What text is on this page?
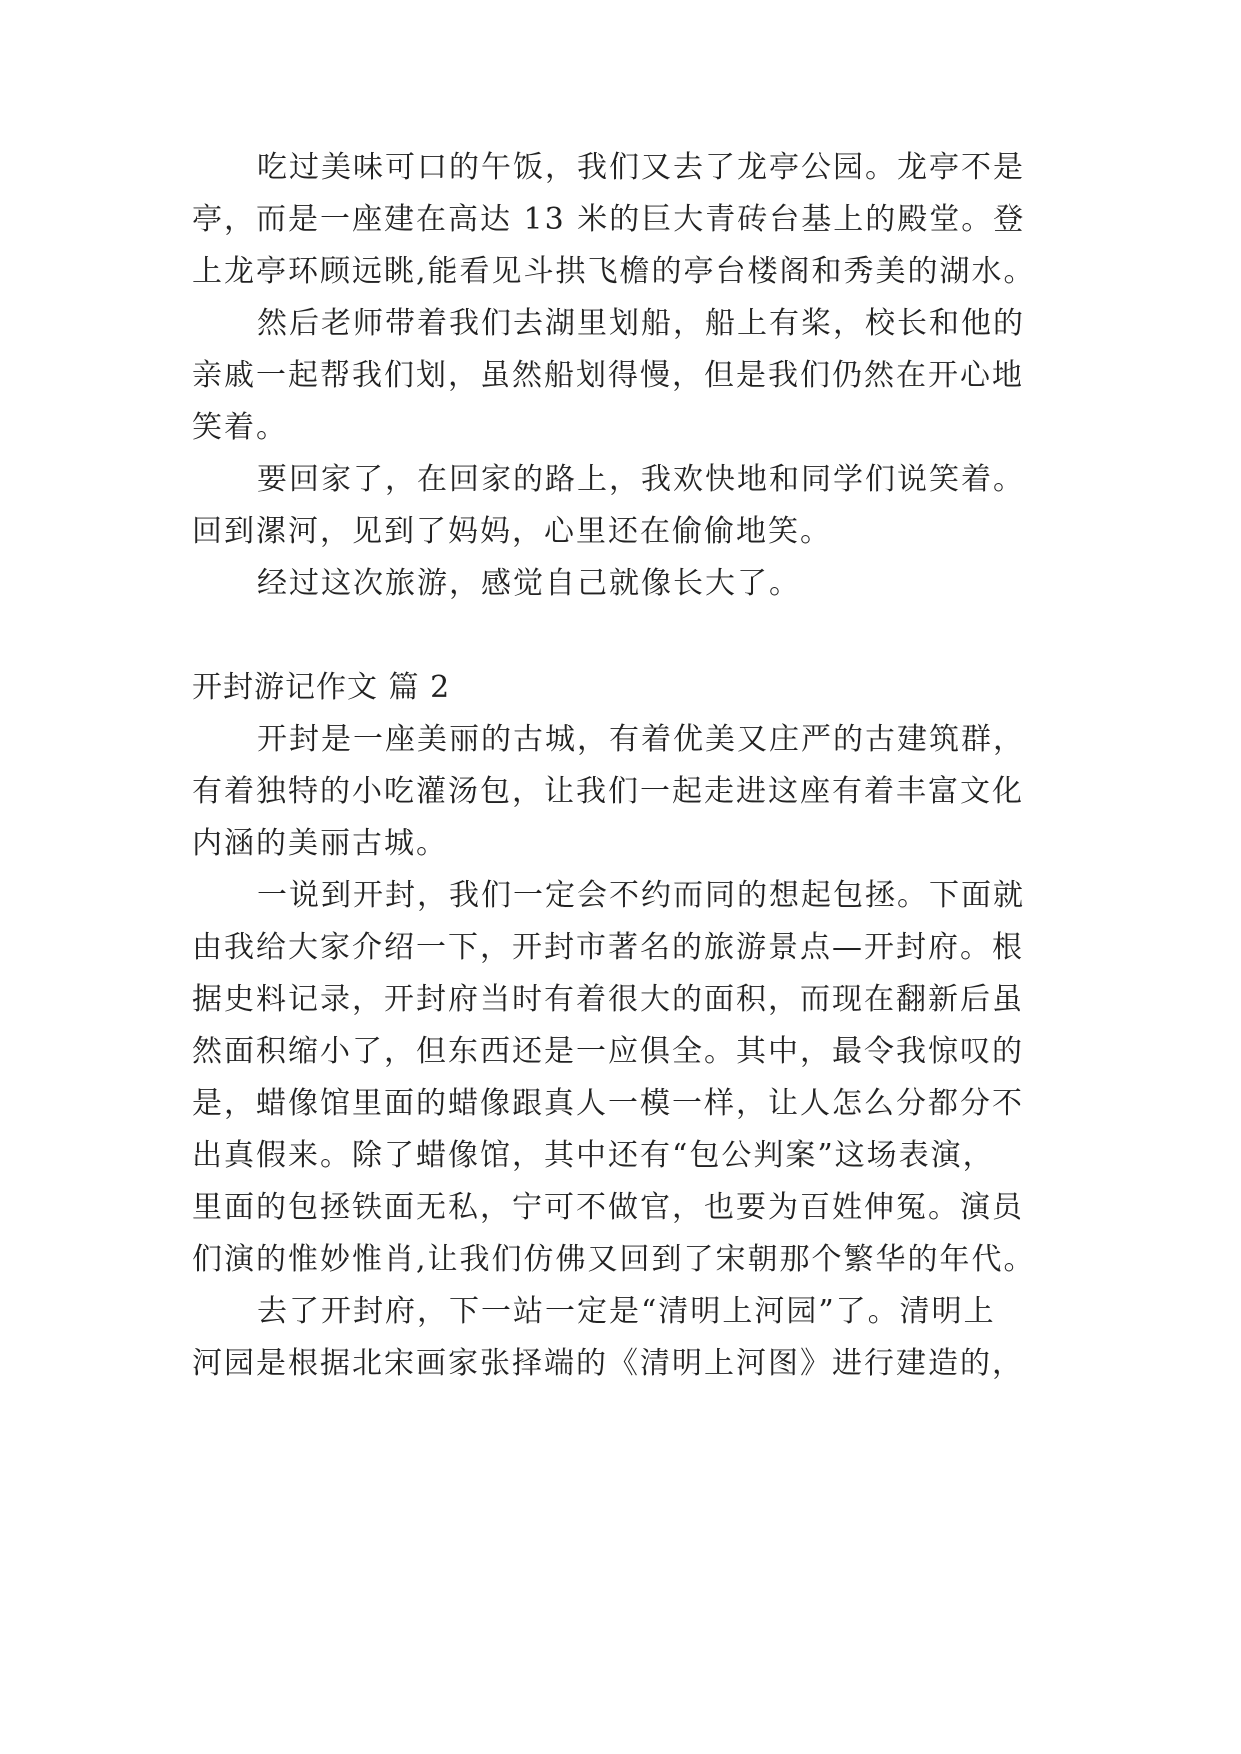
吃过美味可口的午饭，我们又去了龙亭公园。龙亭不是
亭，而是一座建在高达 13 米的巨大青砖台基上的殿堂。登
上龙亭环顾远眺,能看见斗拱飞檐的亭台楼阁和秀美的湖水。
然后老师带着我们去湖里划船，船上有桨，校长和他的
亲戚一起帮我们划，虽然船划得慢，但是我们仍然在开心地
笑着。
要回家了，在回家的路上，我欢快地和同学们说笑着。
回到漯河，见到了妈妈，心里还在偷偷地笑。
经过这次旅游，感觉自己就像长大了。
开封游记作文 篇 2
开封是一座美丽的古城，有着优美又庄严的古建筑群，
有着独特的小吃灌汤包，让我们一起走进这座有着丰富文化
内涵的美丽古城。
一说到开封，我们一定会不约而同的想起包拯。下面就
由我给大家介绍一下，开封市著名的旅游景点—开封府。根
据史料记录，开封府当时有着很大的面积，而现在翻新后虽
然面积缩小了，但东西还是一应俱全。其中，最令我惊叹的
是，蜡像馆里面的蜡像跟真人一模一样，让人怎么分都分不
出真假来。除了蜡像馆，其中还有“包公判案”这场表演，
里面的包拯铁面无私，宁可不做官，也要为百姓伸冤。演员
们演的惟妙惟肖,让我们仿佛又回到了宋朝那个繁华的年代。
去了开封府，下一站一定是“清明上河园”了。清明上
河园是根据北宋画家张择端的《清明上河图》进行建造的，
